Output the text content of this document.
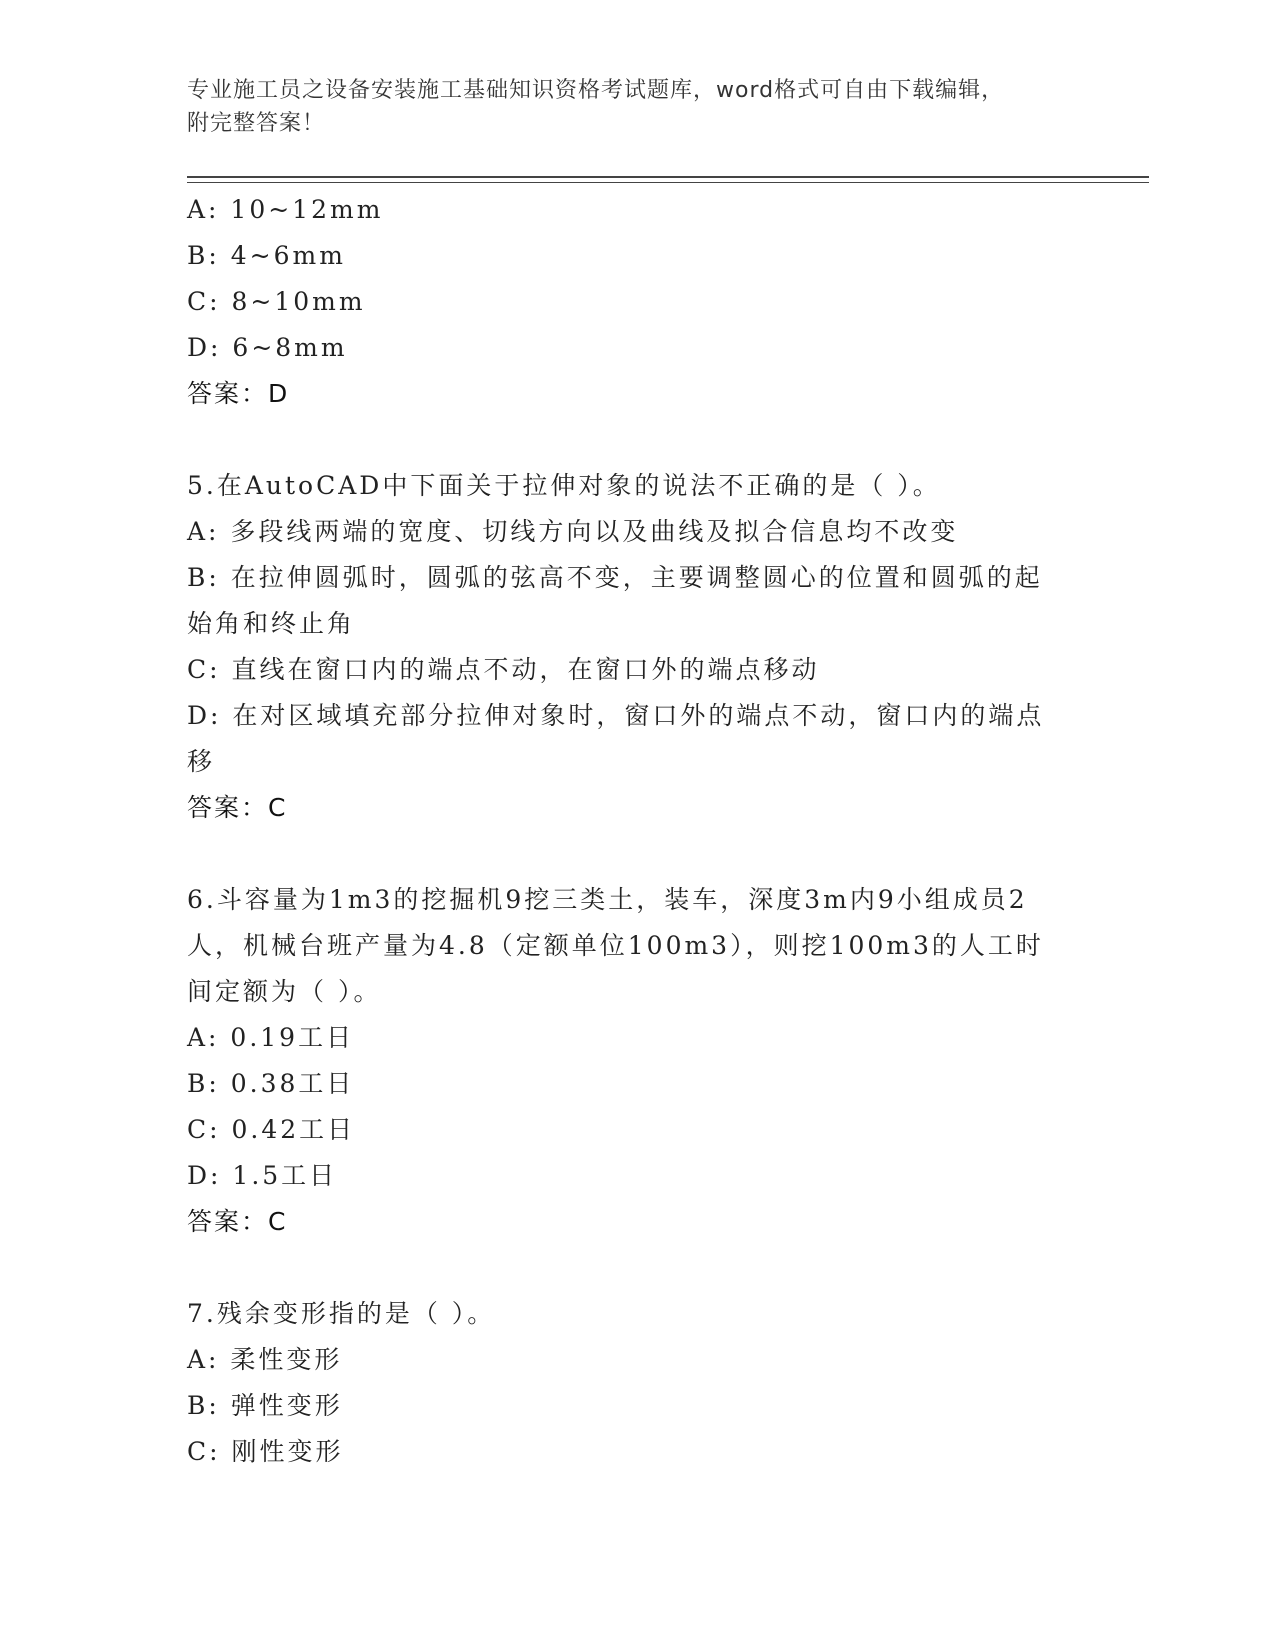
专业施工员之设备安装施工基础知识资格考试题库，word格式可自由下载编辑，
附完整答案！
A: 10~12mm
B: 4~6mm
C: 8~10mm
D: 6~8mm
答案：D
5.在AutoCAD中下面关于拉伸对象的说法不正确的是（ ）。
A: 多段线两端的宽度、切线方向以及曲线及拟合信息均不改变
B: 在拉伸圆弧时，圆弧的弦高不变，主要调整圆心的位置和圆弧的起始角和终止角
C: 直线在窗口内的端点不动，在窗口外的端点移动
D: 在对区域填充部分拉伸对象时，窗口外的端点不动，窗口内的端点移
答案：C
6.斗容量为1m3的挖掘机9挖三类土，装车，深度3m内9小组成员2人，机械台班产量为4.8（定额单位100m3），则挖100m3的人工时间定额为（ ）。
A: 0.19工日
B: 0.38工日
C: 0.42工日
D: 1.5工日
答案：C
7.残余变形指的是（ ）。
A: 柔性变形
B: 弹性变形
C: 刚性变形
